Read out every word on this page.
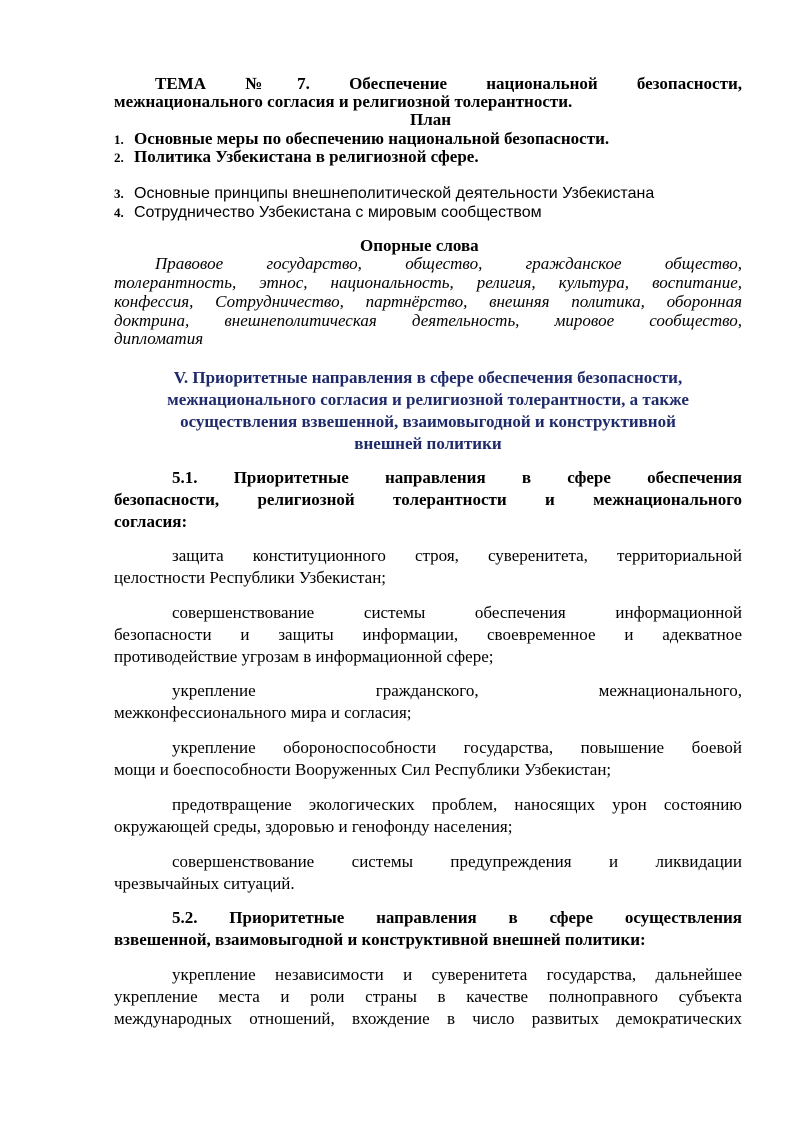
ТЕМА №7. Обеспечение национальной безопасности,
межнационального согласия и религиозной толерантности.
План
1. Основные меры по обеспечению национальной безопасности.
2. Политика Узбекистана в религиозной сфере.
3. Основные принципы внешнеполитической деятельности Узбекистана
4. Сотрудничество Узбекистана с мировым сообществом
Опорные слова
Правовое государство, общество, гражданское общество,
толерантность, этнос, национальность, религия, культура, воспитание,
конфессия, Сотрудничество, партнёрство, внешняя политика, оборонная
доктрина, внешнеполитическая деятельность, мировое сообщество,
дипломатия
V. Приоритетные направления в сфере обеспечения безопасности,
межнационального согласия и религиозной толерантности, а также
осуществления взвешенной, взаимовыгодной и конструктивной
внешней политики
5.1. Приоритетные направления в сфере обеспечения
безопасности, религиозной толерантности и межнационального
согласия:
защита конституционного строя, суверенитета, территориальной
целостности Республики Узбекистан;
совершенствование системы обеспечения информационной
безопасности и защиты информации, своевременное и адекватное
противодействие угрозам в информационной сфере;
укрепление гражданского, межнационального,
межконфессионального мира и согласия;
укрепление обороноспособности государства, повышение боевой
мощи и боеспособности Вооруженных Сил Республики Узбекистан;
предотвращение экологических проблем, наносящих урон состоянию
окружающей среды, здоровью и генофонду населения;
совершенствование системы предупреждения и ликвидации
чрезвычайных ситуаций.
5.2. Приоритетные направления в сфере осуществления
взвешенной, взаимовыгодной и конструктивной внешней политики:
укрепление независимости и суверенитета государства, дальнейшее
укрепление места и роли страны в качестве полноправного субъекта
международных отношений, вхождение в число развитых демократических
